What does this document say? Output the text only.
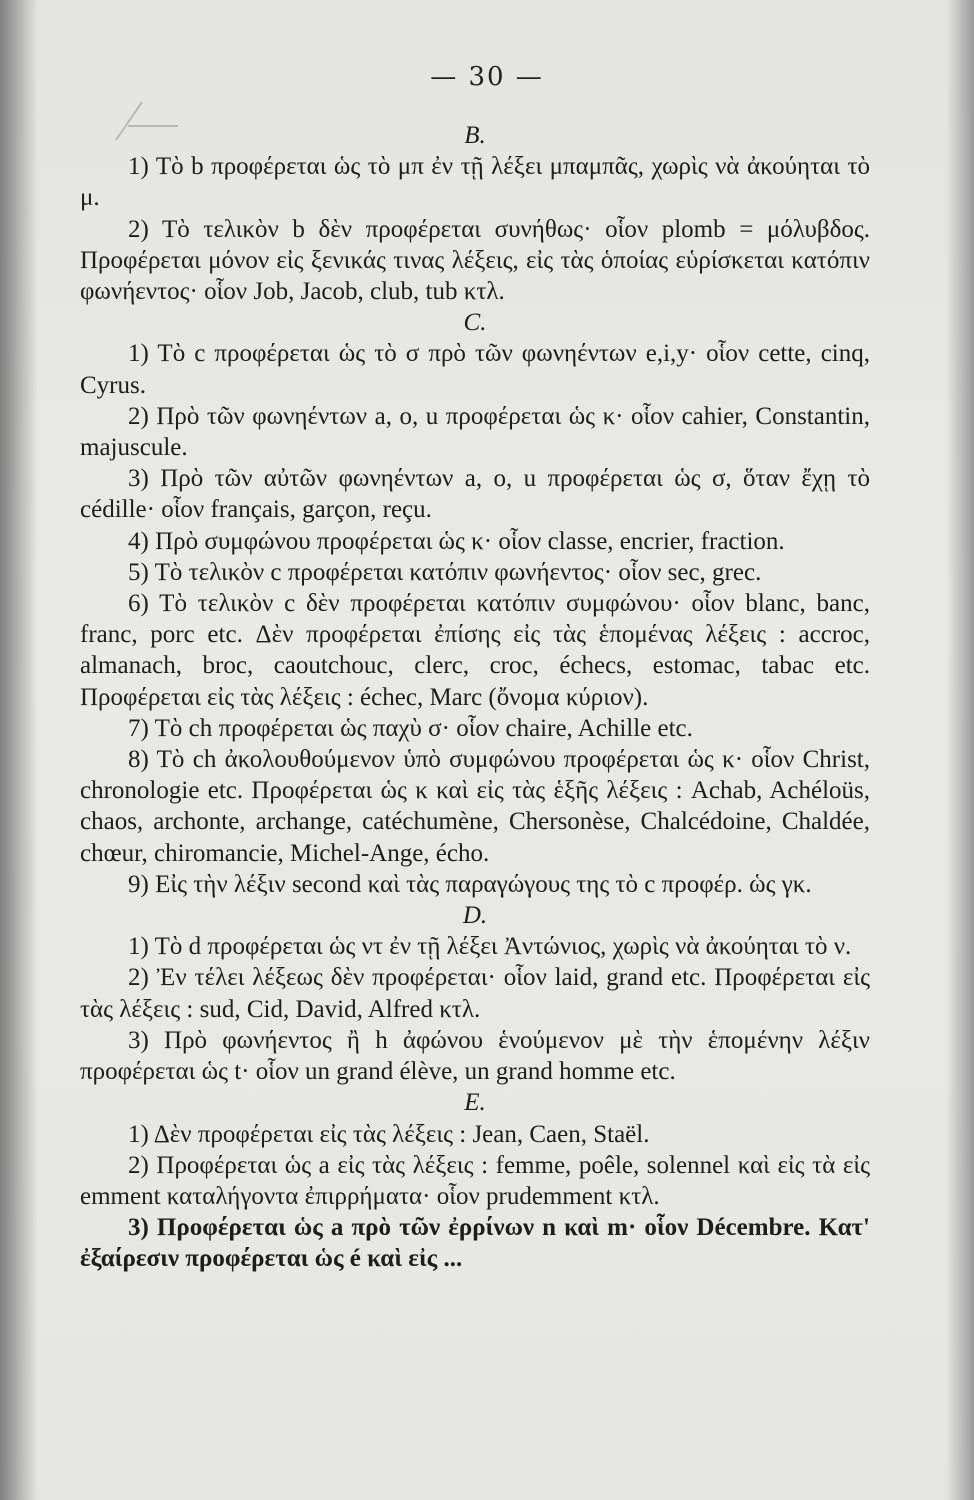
— 30 —
B.

1) Τὸ b προφέρεται ὡς τὸ μπ ἐν τῇ λέξει μπαμπᾶς, χωρὶς νὰ ἀκούηται τὸ μ.

2) Τὸ τελικὸν b δὲν προφέρεται συνήθως· οἷον plomb = μόλυβδος. Προφέρεται μόνον εἰς ξενικάς τινας λέξεις, εἰς τὰς ὁποίας εὑρίσκεται κατόπιν φωνήεντος· οἷον Job, Jacob, club, tub κτλ.

C.

1) Τὸ c προφέρεται ὡς τὸ σ πρὸ τῶν φωνηέντων e,i,y· οἷον cette, cinq, Cyrus.

2) Πρὸ τῶν φωνηέντων a, o, u προφέρεται ὡς κ· οἷον cahier, Constantin, majuscule.

3) Πρὸ τῶν αὐτῶν φωνηέντων a, o, u προφέρεται ὡς σ, ὅταν ἔχῃ τὸ cédille· οἷον français, garçon, reçu.

4) Πρὸ συμφώνου προφέρεται ὡς κ· οἷον classe, encrier, fraction.

5) Τὸ τελικὸν c προφέρεται κατόπιν φωνήεντος· οἷον sec, grec.

6) Τὸ τελικὸν c δὲν προφέρεται κατόπιν συμφώνου· οἷον blanc, banc, franc, porc etc. Δὲν προφέρεται ἐπίσης εἰς τὰς ἑπομένας λέξεις : accroc, almanach, broc, caoutchouc, clerc, croc, échecs, estomac, tabac etc. Προφέρεται εἰς τὰς λέξεις : échec, Marc (ὄνομα κύριον).

7) Τὸ ch προφέρεται ὡς παχὺ σ· οἷον chaire, Achille etc.

8) Τὸ ch ἀκολουθούμενον ὑπὸ συμφώνου προφέρεται ὡς κ· οἷον Christ, chronologie etc. Προφέρεται ὡς κ καὶ εἰς τὰς ἑξῆς λέξεις : Achab, Achéloüs, chaos, archonte, archange, catéchumène, Chersonèse, Chalcédoine, Chaldée, chœur, chiromancie, Michel-Ange, écho.

9) Εἰς τὴν λέξιν second καὶ τὰς παραγώγους της τὸ c προφέρ. ὡς γκ.

D.

1) Τὸ d προφέρεται ὡς ντ ἐν τῇ λέξει Ἀντώνιος, χωρὶς νὰ ἀκούηται τὸ ν.

2) Ἐν τέλει λέξεως δὲν προφέρεται· οἷον laid, grand etc. Προφέρεται εἰς τὰς λέξεις : sud, Cid, David, Alfred κτλ.

3) Πρὸ φωνήεντος ἢ h ἀφώνου ἑνούμενον μὲ τὴν ἑπομένην λέξιν προφέρεται ὡς t· οἷον un grand élève, un grand homme etc.

E.

1) Δὲν προφέρεται εἰς τὰς λέξεις : Jean, Caen, Staël.

2) Προφέρεται ὡς a εἰς τὰς λέξεις : femme, poêle, solennel καὶ εἰς τὰ εἰς emment καταλήγοντα ἐπιρρήματα· οἷον prudemment κτλ.

3) Προφέρεται ὡς a πρὸ τῶν ἐρρίνων n καὶ m· οἷον Décembre. Κατ' ἐξαίρεσιν προφέρεται ὡς é καὶ εἰς ...
